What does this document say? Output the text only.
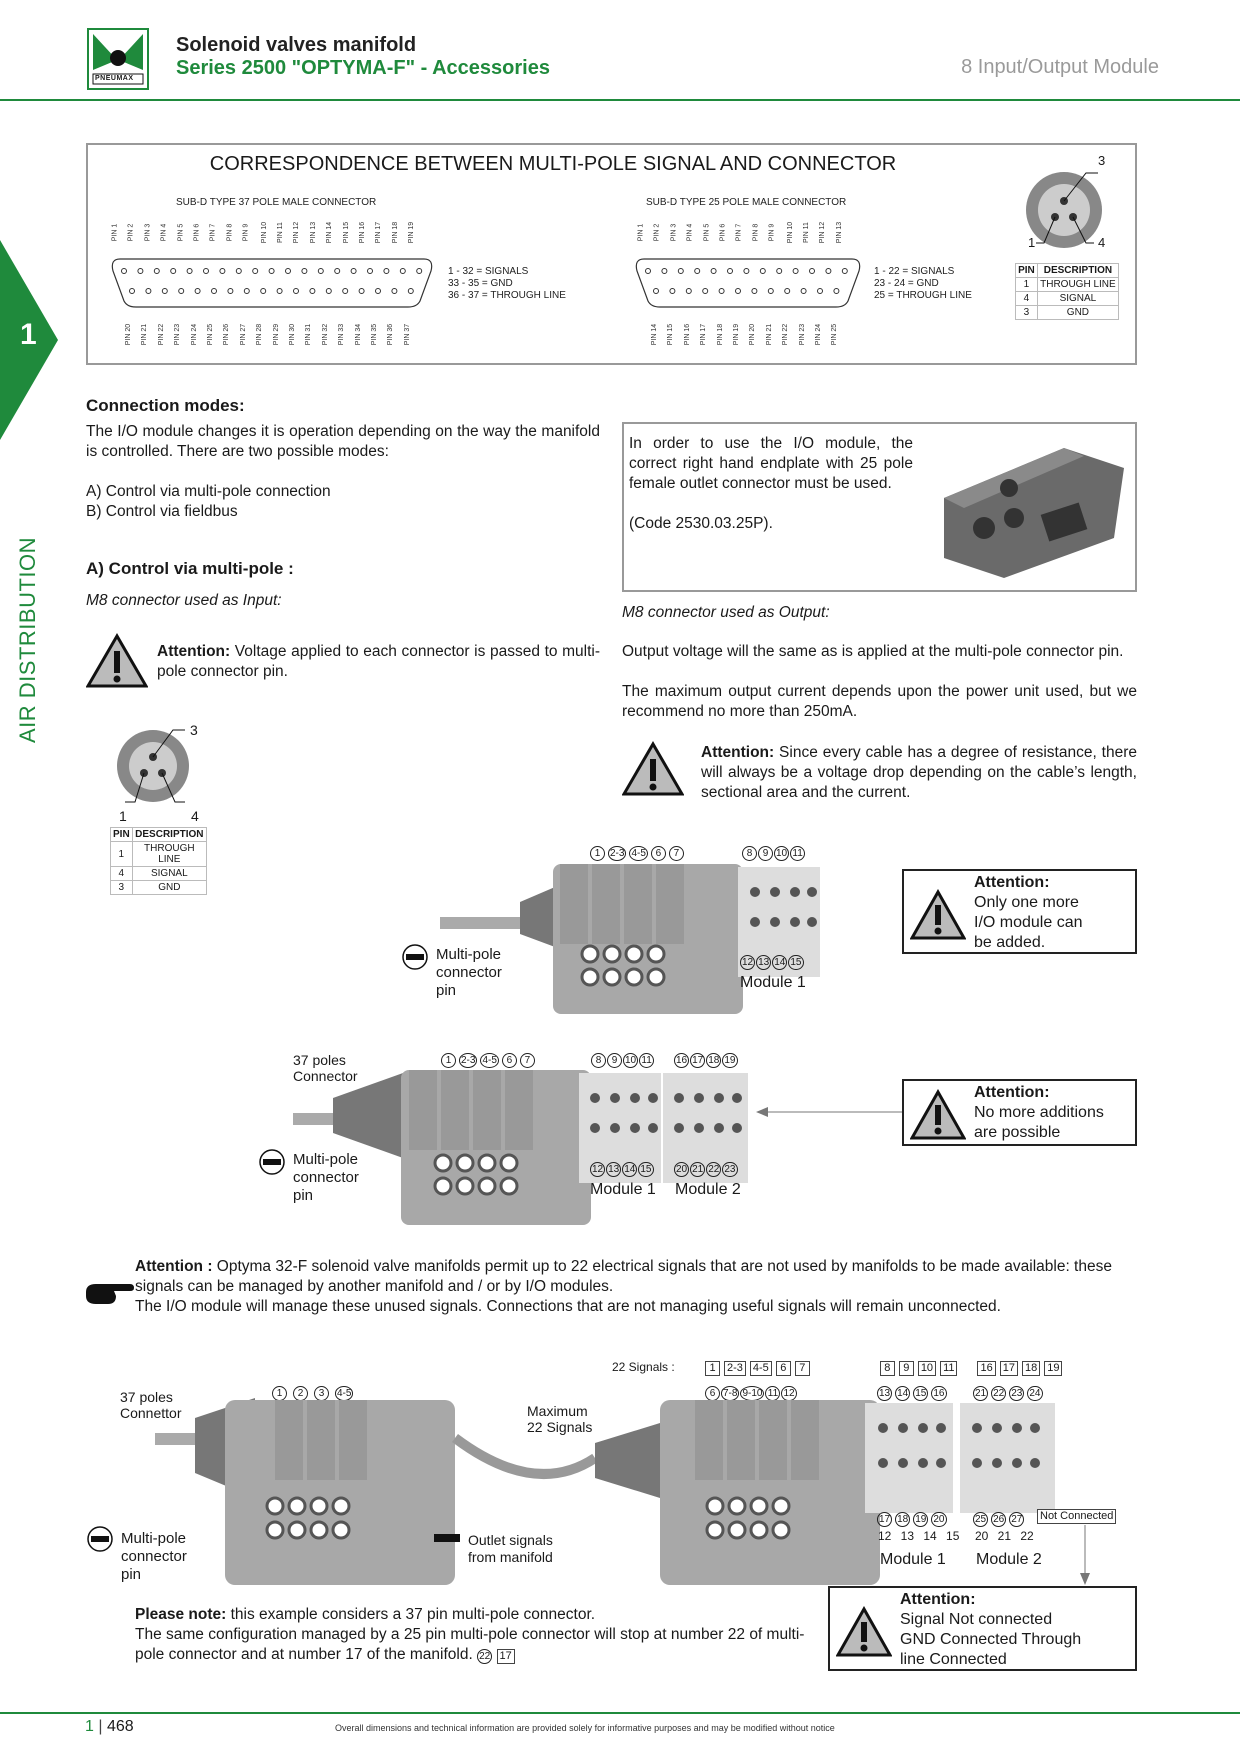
PNEUMAX
Solenoid valves manifold
Series 2500 "OPTYMA-F" - Accessories	8 Input/Output Module
1
AIR DISTRIBUTION
CORRESPONDENCE BETWEEN MULTI-POLE SIGNAL AND CONNECTOR
SUB-D TYPE 37 POLE MALE CONNECTOR
PIN 1 PIN 2 PIN 3 PIN 4 PIN 5 PIN 6 PIN 7 PIN 8 PIN 9 PIN 10 PIN 11 PIN 12 PIN 13 PIN 14 PIN 15 PIN 16 PIN 17 PIN 18 PIN 19
PIN 20 PIN 21 PIN 22 PIN 23 PIN 24 PIN 25 PIN 26 PIN 27 PIN 28 PIN 29 PIN 30 PIN 31 PIN 32 PIN 33 PIN 34 PIN 35 PIN 36 PIN 37
1 - 32 = SIGNALS
33 - 35 = GND
36 - 37 = THROUGH LINE
SUB-D TYPE 25 POLE MALE CONNECTOR
PIN 1 PIN 2 PIN 3 PIN 4 PIN 5 PIN 6 PIN 7 PIN 8 PIN 9 PIN 10 PIN 11 PIN 12 PIN 13
PIN 14 PIN 15 PIN 16 PIN 17 PIN 18 PIN 19 PIN 20 PIN 21 PIN 22 PIN 23 PIN 24 PIN 25
1 - 22 = SIGNALS
23 - 24 = GND
25 = THROUGH LINE
3
1	4
PIN	DESCRIPTION
1	THROUGH LINE
4	SIGNAL
3	GND
Connection modes:
The I/O module changes it is operation depending on the way the manifold is controlled. There are two possible modes:
A) Control via multi-pole connection
B) Control via fieldbus
In order to use the I/O module, the correct right hand endplate with 25 pole female outlet connector must be used.
(Code 2530.03.25P).
A) Control via multi-pole :
M8 connector used as Input:
M8 connector used as Output:
Attention: Voltage applied to each connector is passed to multi-pole connector pin.
Output voltage will the same as is applied at the multi-pole connector pin.
The maximum output current depends upon the power unit used, but we recommend no more than 250mA.
Attention: Since every cable has a degree of resistance, there will always be a voltage drop depending on the cable’s length, sectional area and the current.
3
1	4
PIN	DESCRIPTION
1	THROUGH LINE
4	SIGNAL
3	GND
1 2-3 4-5 6 7	8 9 10 11
Multi-pole connector pin
12 13 14 15
Module 1
Attention:
Only one more I/O module can be added.
37 poles Connector
1 2-3 4-5 6 7	8 9 10 11	16 17 18 19
Multi-pole connector pin
12 13 14 15	20 21 22 23
Module 1 Module 2
Attention:
No more additions are possible
Attention : Optyma 32-F solenoid valve manifolds permit up to 22 electrical signals that are not used by manifolds to be made available: these signals can be managed by another manifold and / or by I/O modules.
The I/O module will manage these unused signals. Connections that are not managing useful signals will remain unconnected.
22 Signals :	1 2-3 4-5 6 7	8 9 10 11 16 17 18 19
37 poles Connettor
1 2 3 4-5
Maximum 22 Signals
6 7-8 9-10 11 12	13 14 15 16	21 22 23 24
17 18 19 20	25 26 27	Not Connected
12 13 14 15 20 21 22
Module 1 Module 2
Multi-pole connector pin
Outlet signals from manifold
Please note: this example considers a 37 pin multi-pole connector.
The same configuration managed by a 25 pin multi-pole connector will stop at number 22 of multi-pole connector and at number 17 of the manifold. 22 17
Attention:
Signal Not connected GND Connected Through line Connected
1 | 468	Overall dimensions and technical information are provided solely for informative purposes and may be modified without notice
